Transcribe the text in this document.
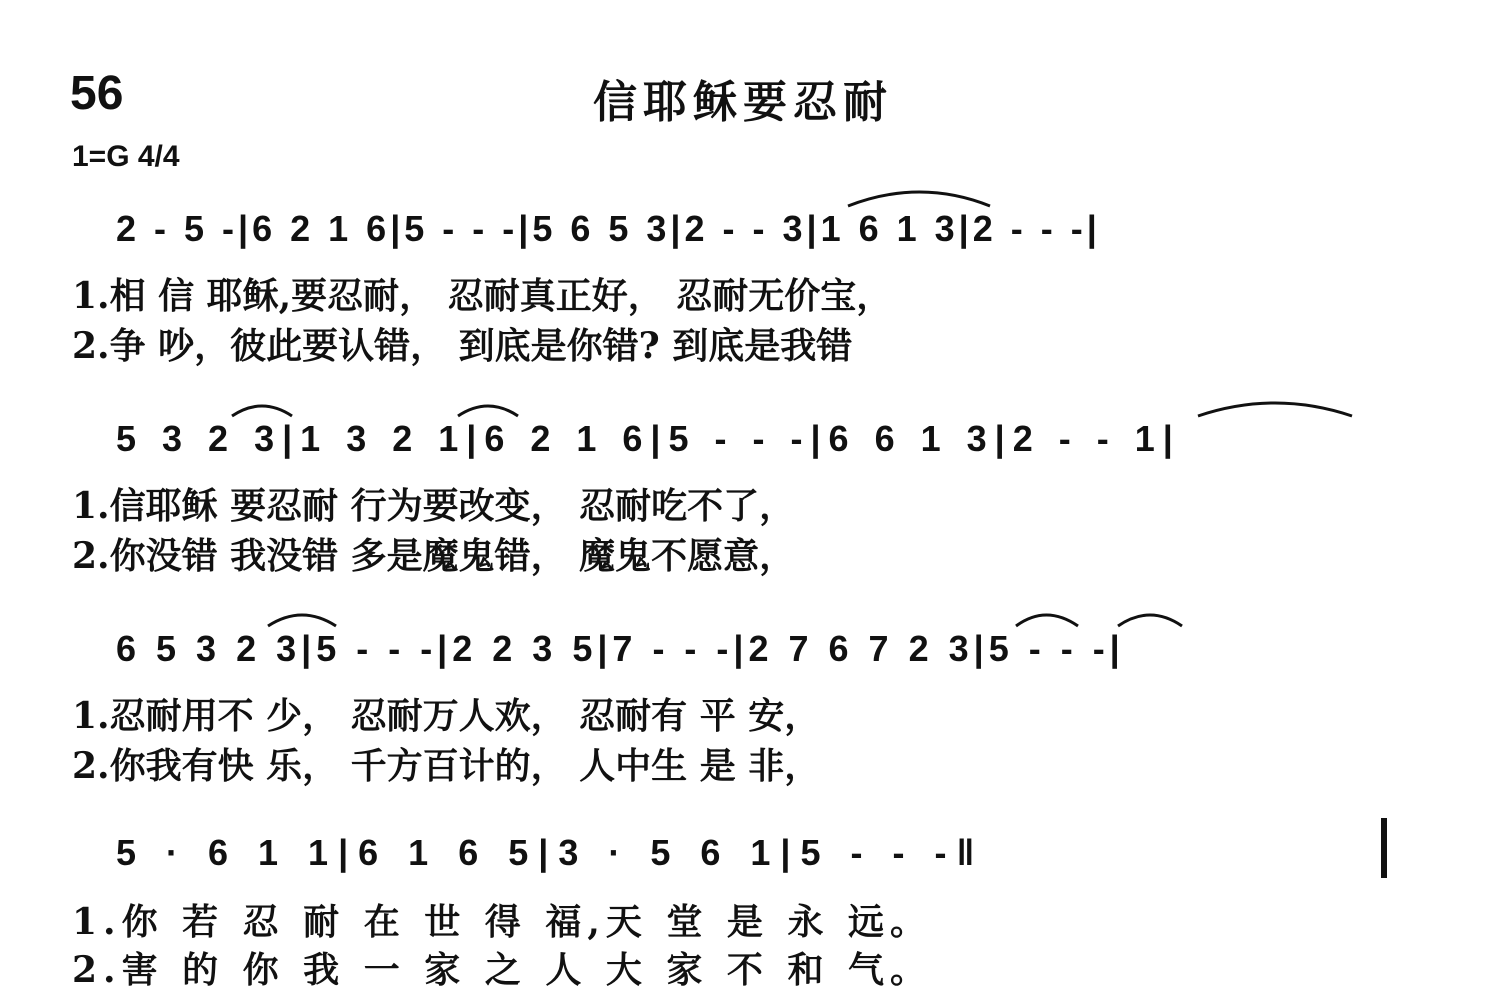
56	信耶稣要忍耐
1=G 4/4
2 - 5 -|6 2 1 6|5 - - -|5 6 5 3|2 - - 3|1 6 1 3|2 - - -|
1.相 信 耶稣,要忍耐， 忍耐真正好， 忍耐无价宝，
2.争 吵，彼此要认错， 到底是你错? 到底是我错
5 3 2 3|1 3 2 1|6 2 1 6|5 - - -|6 6 1 3|2 - - 1|
1.信耶稣 要忍耐 行为要改变， 忍耐吃不了，
2.你没错 我没错 多是魔鬼错， 魔鬼不愿意，
6 5 3 2 3|5 - - -|2 2 3 5|7 - - -|2 7 6 7 2 3|5 - - -|
1.忍耐用不 少， 忍耐万人欢， 忍耐有 平 安，
2.你我有快 乐， 千方百计的， 人中生 是 非，
5 · 6 1 1|6 1 6 5|3 · 5 6 1|5 - - -‖
1.你 若 忍 耐 在 世 得 福,天 堂 是 永 远。
2.害 的 你 我 一 家 之 人 大 家 不 和 气。
